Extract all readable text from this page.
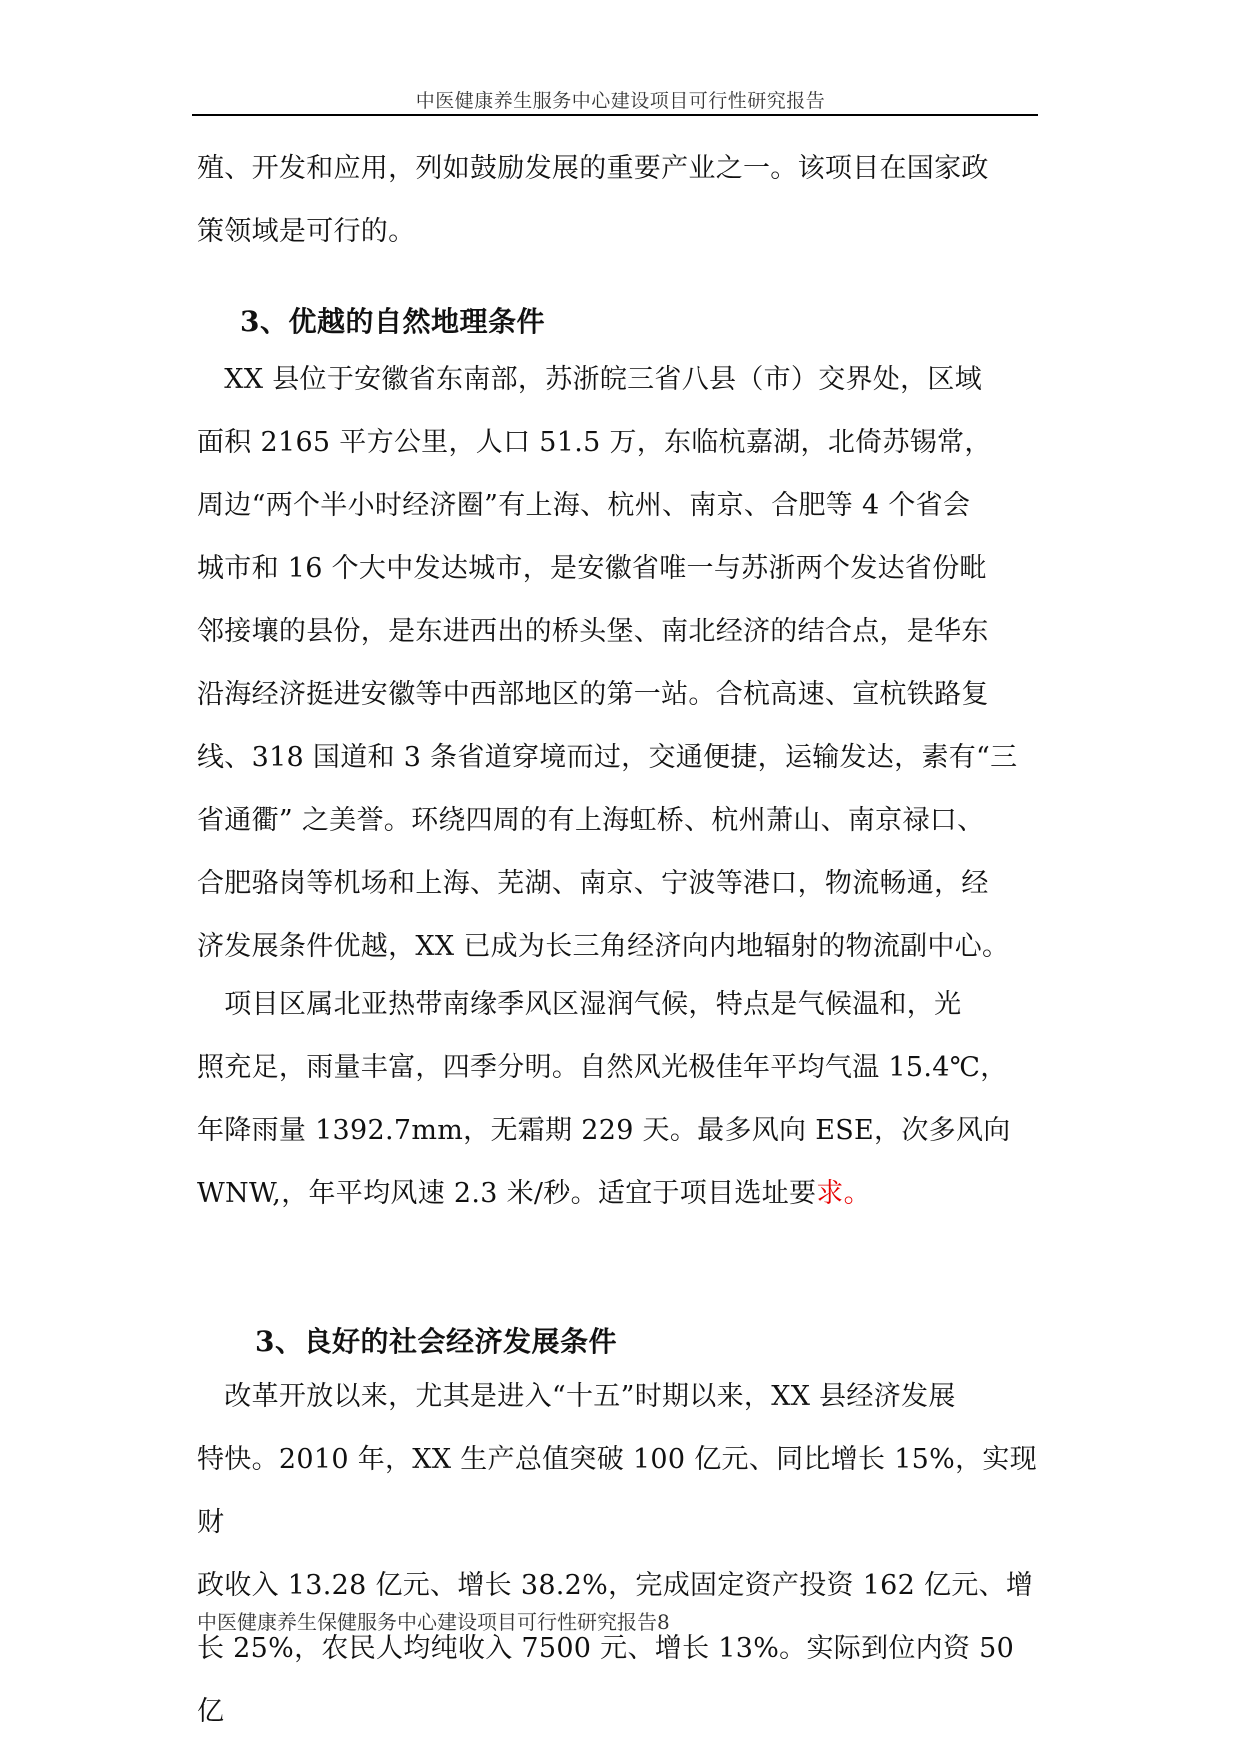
中医健康养生服务中心建设项目可行性研究报告
殖、开发和应用，列如鼓励发展的重要产业之一。该项目在国家政
策领域是可行的。
3、优越的自然地理条件
　XX 县位于安徽省东南部，苏浙皖三省八县（市）交界处，区域
面积 2165 平方公里，人口 51.5 万，东临杭嘉湖，北倚苏锡常，
周边“两个半小时经济圈”有上海、杭州、南京、合肥等 4 个省会
城市和 16 个大中发达城市，是安徽省唯一与苏浙两个发达省份毗
邻接壤的县份，是东进西出的桥头堡、南北经济的结合点，是华东
沿海经济挺进安徽等中西部地区的第一站。合杭高速、宣杭铁路复
线、318 国道和 3 条省道穿境而过，交通便捷，运输发达，素有“三
省通衢” 之美誉。环绕四周的有上海虹桥、杭州萧山、南京禄口、
合肥骆岗等机场和上海、芜湖、南京、宁波等港口，物流畅通，经
济发展条件优越，XX 已成为长三角经济向内地辐射的物流副中心。
　项目区属北亚热带南缘季风区湿润气候，特点是气候温和，光
照充足，雨量丰富，四季分明。自然风光极佳年平均气温 15.4℃，
年降雨量 1392.7mm，无霜期 229 天。最多风向 ESE，次多风向
WNW,，年平均风速 2.3 米/秒。适宜于项目选址要求。
3、良好的社会经济发展条件
　改革开放以来，尤其是进入“十五”时期以来，XX 县经济发展
特快。2010 年，XX 生产总值突破 100 亿元、同比增长 15%，实现财
政收入 13.28 亿元、增长 38.2%，完成固定资产投资 162 亿元、增
长 25%，农民人均纯收入 7500 元、增长 13%。实际到位内资 50 亿
中医健康养生保健服务中心建设项目可行性研究报告8
